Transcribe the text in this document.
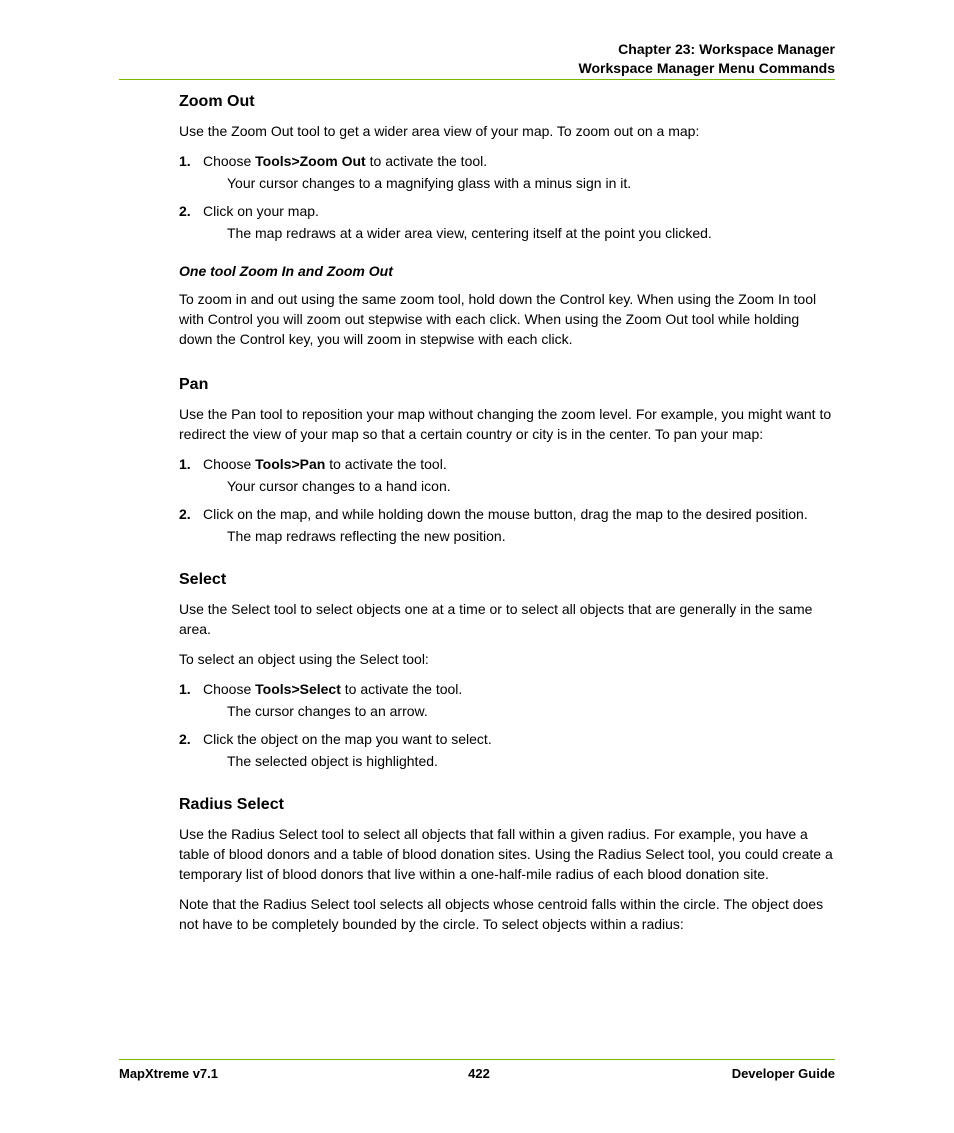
Chapter 23: Workspace Manager
Workspace Manager Menu Commands
Zoom Out

Use the Zoom Out tool to get a wider area view of your map. To zoom out on a map:

1. Choose Tools>Zoom Out to activate the tool.
Your cursor changes to a magnifying glass with a minus sign in it.
2. Click on your map.
The map redraws at a wider area view, centering itself at the point you clicked.
One tool Zoom In and Zoom Out

To zoom in and out using the same zoom tool, hold down the Control key. When using the Zoom In tool with Control you will zoom out stepwise with each click. When using the Zoom Out tool while holding down the Control key, you will zoom in stepwise with each click.

Pan

Use the Pan tool to reposition your map without changing the zoom level. For example, you might want to redirect the view of your map so that a certain country or city is in the center. To pan your map:

1. Choose Tools>Pan to activate the tool.
Your cursor changes to a hand icon.
2. Click on the map, and while holding down the mouse button, drag the map to the desired position.
The map redraws reflecting the new position.
Select

Use the Select tool to select objects one at a time or to select all objects that are generally in the same area.

To select an object using the Select tool:

1. Choose Tools>Select to activate the tool.
The cursor changes to an arrow.
2. Click the object on the map you want to select.
The selected object is highlighted.
Radius Select

Use the Radius Select tool to select all objects that fall within a given radius. For example, you have a table of blood donors and a table of blood donation sites. Using the Radius Select tool, you could create a temporary list of blood donors that live within a one-half-mile radius of each blood donation site.

Note that the Radius Select tool selects all objects whose centroid falls within the circle. The object does not have to be completely bounded by the circle. To select objects within a radius:

MapXtreme v7.1	422	Developer Guide
